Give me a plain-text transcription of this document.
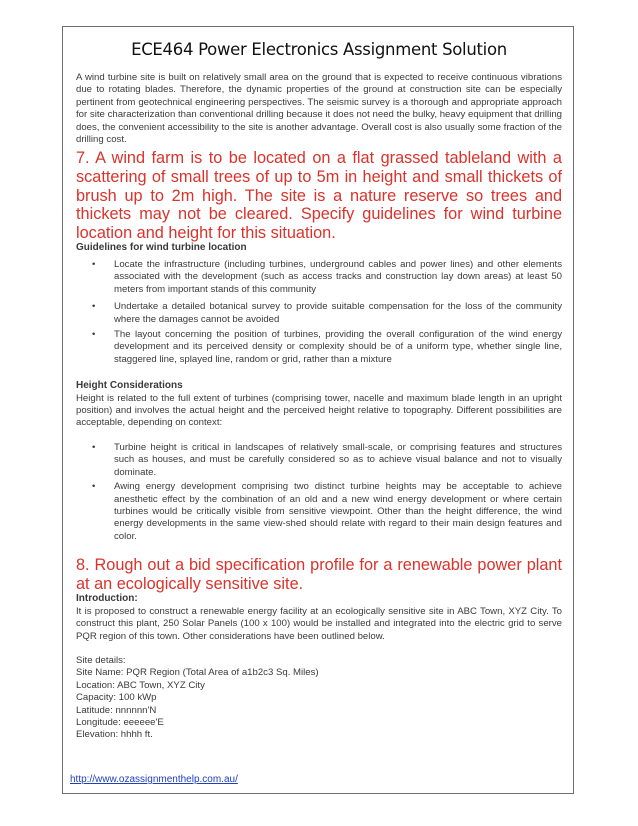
ECE464 Power Electronics Assignment Solution

A wind turbine site is built on relatively small area on the ground that is expected to receive continuous vibrations due to rotating blades. Therefore, the dynamic properties of the ground at construction site can be especially pertinent from geotechnical engineering perspectives. The seismic survey is a thorough and appropriate approach for site characterization than conventional drilling because it does not need the bulky, heavy equipment that drilling does, the convenient accessibility to the site is another advantage. Overall cost is also usually some fraction of the drilling cost.

7. A wind farm is to be located on a flat grassed tableland with a scattering of small trees of up to 5m in height and small thickets of brush up to 2m high. The site is a nature reserve so trees and thickets may not be cleared. Specify guidelines for wind turbine location and height for this situation.

Guidelines for wind turbine location

• Locate the infrastructure (including turbines, underground cables and power lines) and other elements associated with the development (such as access tracks and construction lay down areas) at least 50 meters from important stands of this community
• Undertake a detailed botanical survey to provide suitable compensation for the loss of the community where the damages cannot be avoided
• The layout concerning the position of turbines, providing the overall configuration of the wind energy development and its perceived density or complexity should be of a uniform type, whether single line, staggered line, splayed line, random or grid, rather than a mixture

Height Considerations

Height is related to the full extent of turbines (comprising tower, nacelle and maximum blade length in an upright position) and involves the actual height and the perceived height relative to topography. Different possibilities are acceptable, depending on context:

• Turbine height is critical in landscapes of relatively small-scale, or comprising features and structures such as houses, and must be carefully considered so as to achieve visual balance and not to visually dominate.
• Awing energy development comprising two distinct turbine heights may be acceptable to achieve anesthetic effect by the combination of an old and a new wind energy development or where certain turbines would be critically visible from sensitive viewpoint. Other than the height difference, the wind energy developments in the same view-shed should relate with regard to their main design features and color.

8. Rough out a bid specification profile for a renewable power plant at an ecologically sensitive site.

Introduction:

It is proposed to construct a renewable energy facility at an ecologically sensitive site in ABC Town, XYZ City. To construct this plant, 250 Solar Panels (100 x 100) would be installed and integrated into the electric grid to serve PQR region of this town. Other considerations have been outlined below.

Site details:

Site Name: PQR Region (Total Area of a1b2c3 Sq. Miles)

Location: ABC Town, XYZ City

Capacity: 100 kWp

Latitude: nnnnnn'N

Longitude: eeeeee'E

Elevation: hhhh ft.

http://www.ozassignmenthelp.com.au/
